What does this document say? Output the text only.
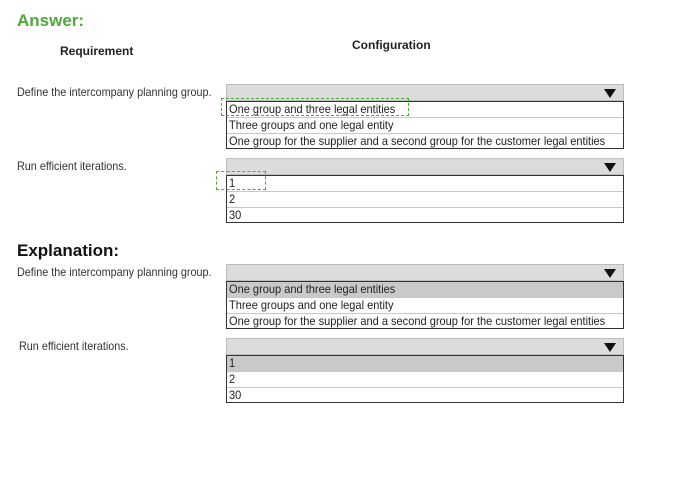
Answer:
Requirement	Configuration
Define the intercompany planning group.
One group and three legal entities
Three groups and one legal entity
One group for the supplier and a second group for the customer legal entities
Run efficient iterations.
1
2
30
Explanation:
Define the intercompany planning group.
One group and three legal entities
Three groups and one legal entity
One group for the supplier and a second group for the customer legal entities
Run efficient iterations.
1
2
30
